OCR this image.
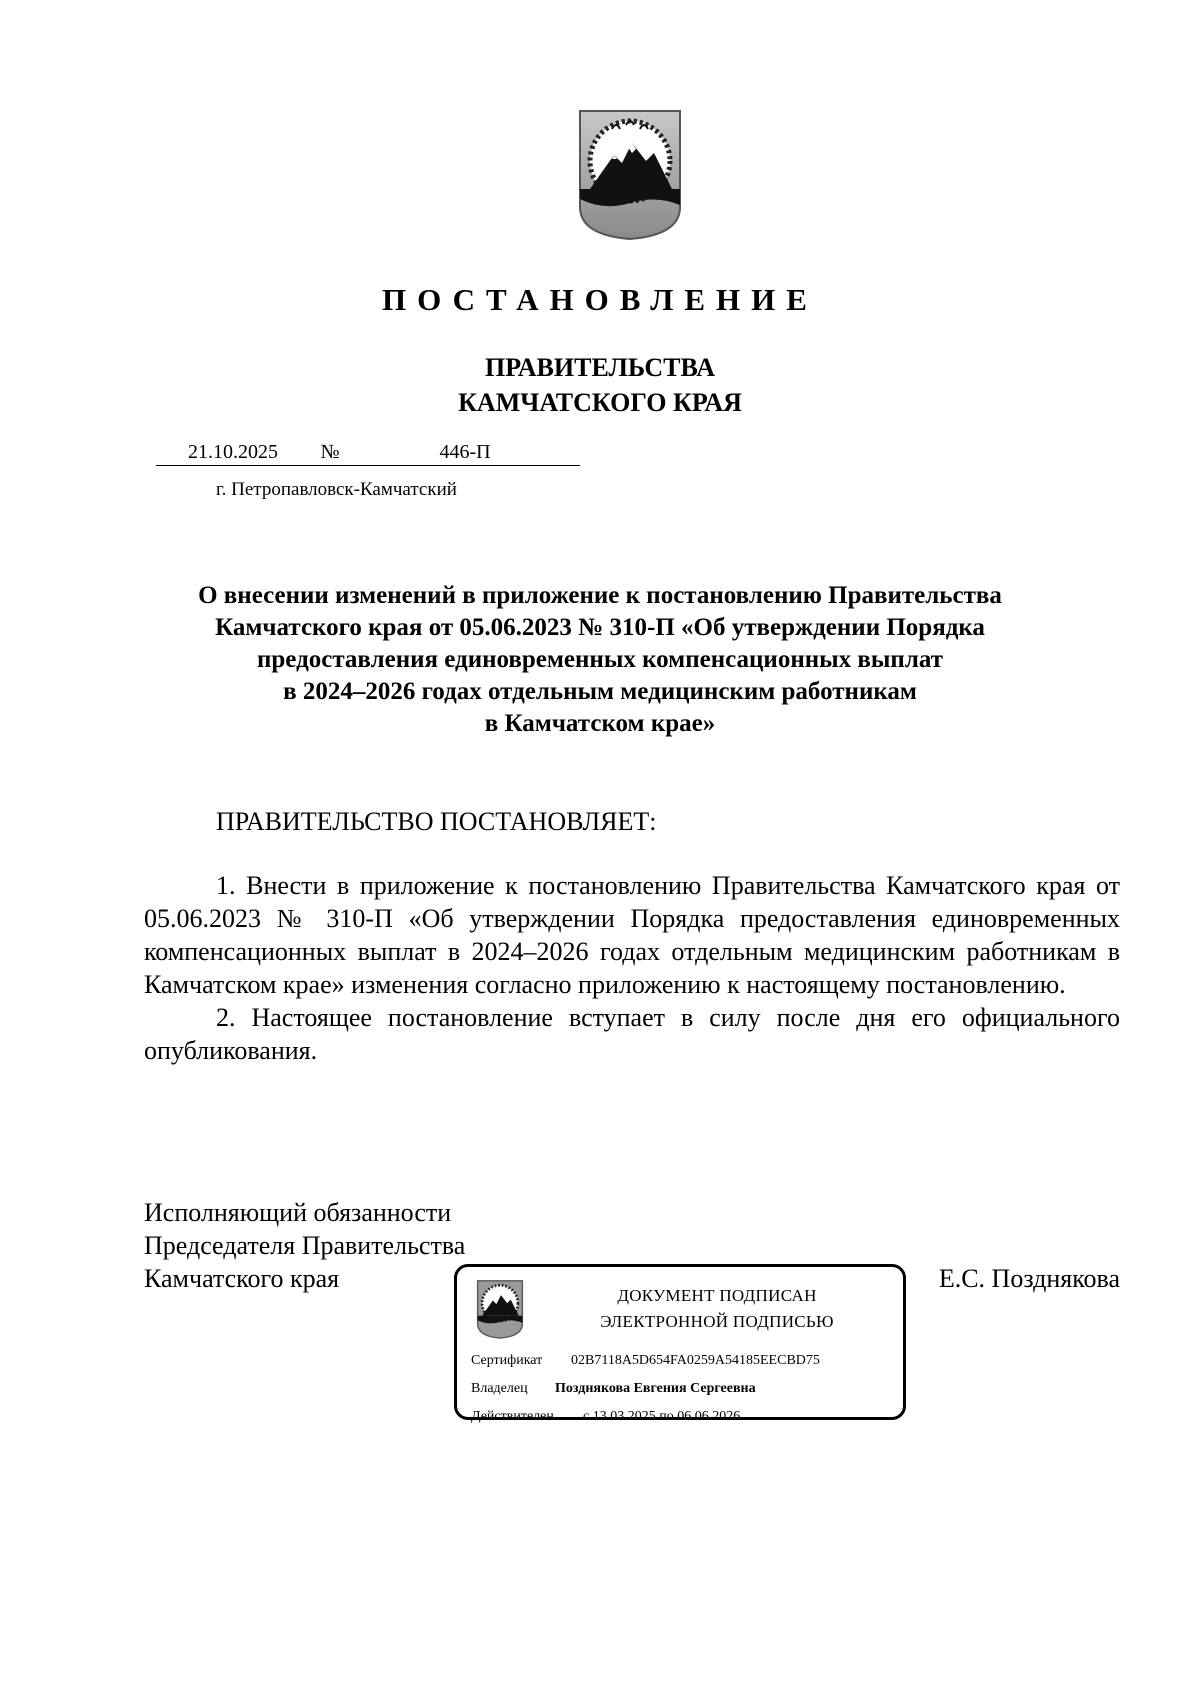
ПОСТАНОВЛЕНИЕ
ПРАВИТЕЛЬСТВА
КАМЧАТСКОГО КРАЯ
21.10.2025	№	446-П
г. Петропавловск-Камчатский
О внесении изменений в приложение к постановлению Правительства
Камчатского края от 05.06.2023 № 310-П «Об утверждении Порядка
предоставления единовременных компенсационных выплат
в 2024–2026 годах отдельным медицинским работникам
в Камчатском крае»
ПРАВИТЕЛЬСТВО ПОСТАНОВЛЯЕТ:

1. Внести в приложение к постановлению Правительства Камчатского края от 05.06.2023 № 310-П «Об утверждении Порядка предоставления единовременных компенсационных выплат в 2024–2026 годах отдельным медицинским работникам в Камчатском крае» изменения согласно приложению к настоящему постановлению.

2. Настоящее постановление вступает в силу после дня его официального опубликования.

Исполняющий обязанности
Председателя Правительства
Камчатского края	Е.С. Позднякова
ДОКУМЕНТ ПОДПИСАН
ЭЛЕКТРОННОЙ ПОДПИСЬЮ
Сертификат 02B7118A5D654FA0259A54185EECBD75
Владелец Позднякова Евгения Сергеевна
Действителен с 13.03.2025 по 06.06.2026
